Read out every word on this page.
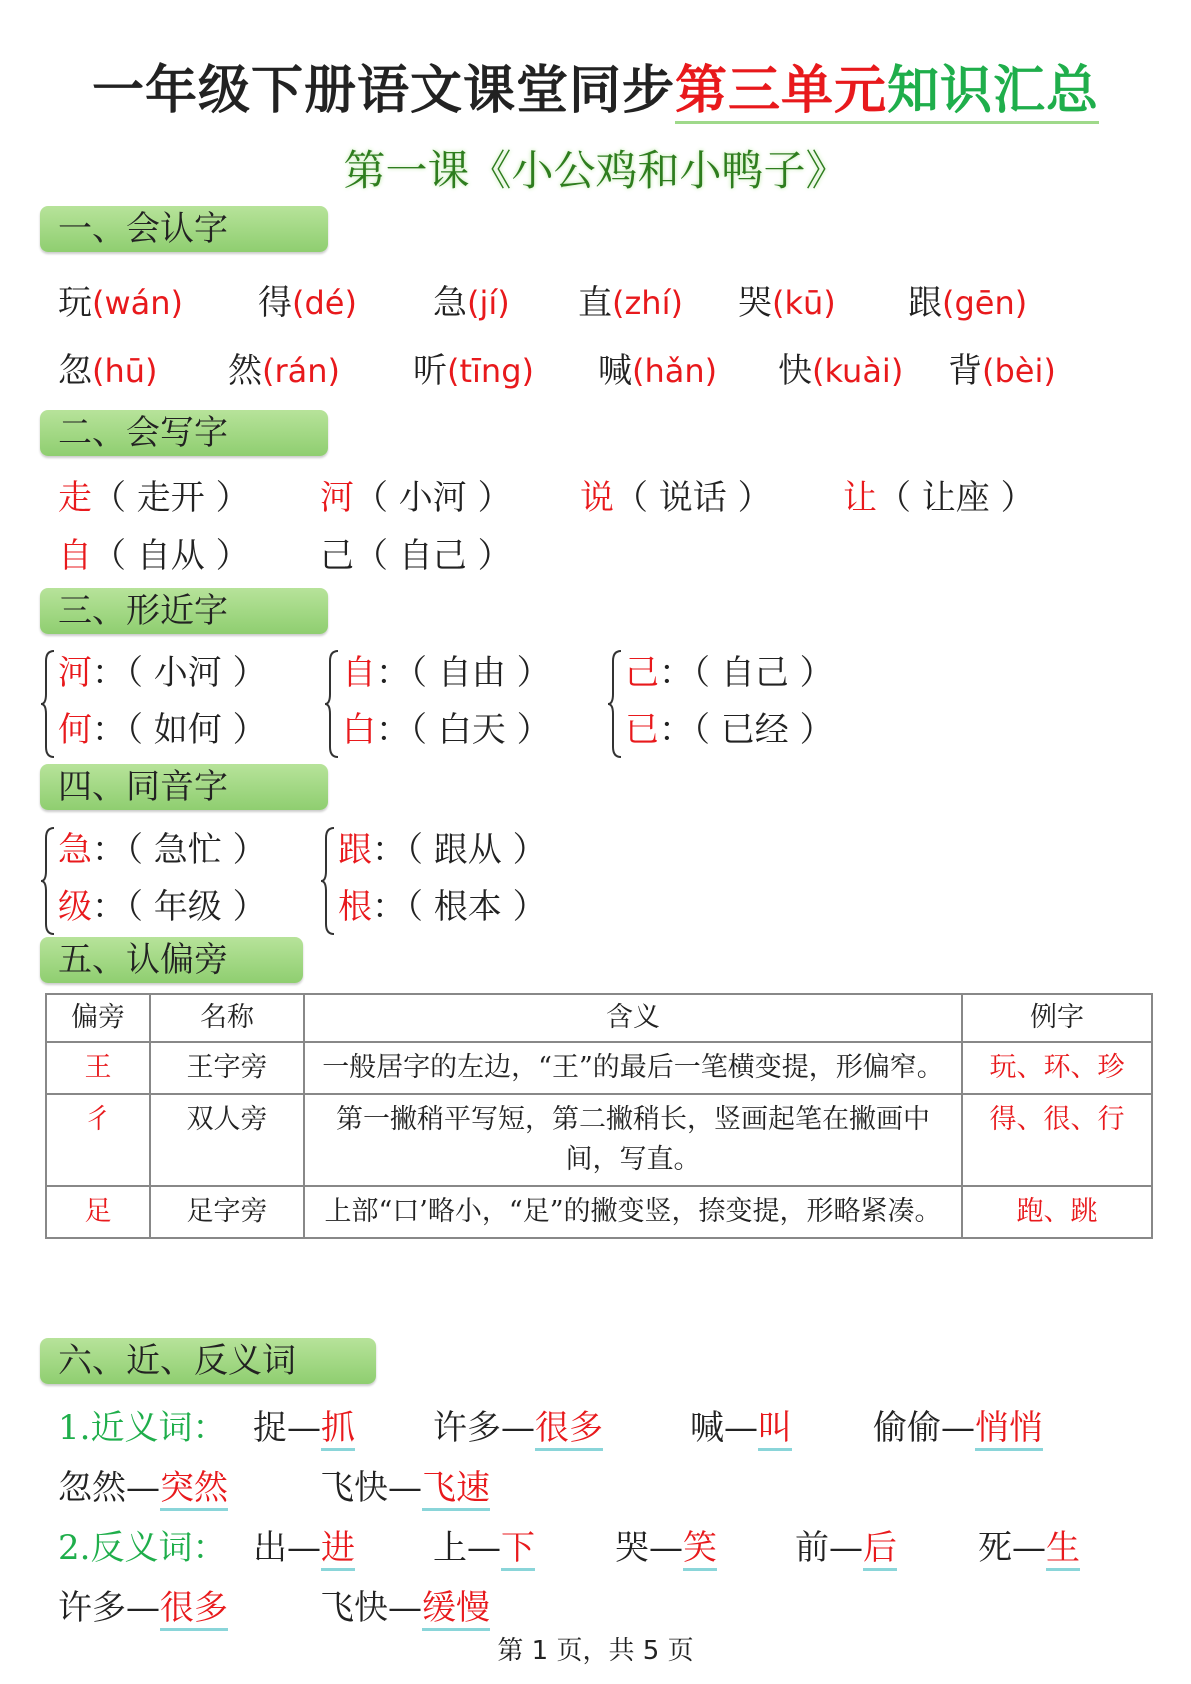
一年级下册语文课堂同步第三单元知识汇总
第一课《小公鸡和小鸭子》
一、会认字
玩(wán) 得(dé) 急(jí) 直(zhí) 哭(kū) 跟(gēn)
忽(hū) 然(rán) 听(tīng) 喊(hǎn) 快(kuài) 背(bèi)
二、会写字
走（ 走开 ） 河（ 小河 ） 说（ 说话 ） 让（ 让座 ）
自（ 自从 ） 己（ 自己 ）
三、形近字
河：（ 小河 ）
何：（ 如何 ）
自：（ 自由 ）
白：（ 白天 ）
己：（ 自己 ）
已：（ 已经 ）
四、同音字
急：（ 急忙 ）
级：（ 年级 ）
跟：（ 跟从 ）
根：（ 根本 ）
五、认偏旁
偏旁	名称	含义	例字
王	王字旁	一般居字的左边，“王”的最后一笔横变提，形偏窄。	玩、环、珍
彳	双人旁	第一撇稍平写短，第二撇稍长，竖画起笔在撇画中间，写直。	得、很、行
足	足字旁	上部“口’略小，“足”的撇变竖，捺变提，形略紧凑。	跑、跳
六、近、反义词
1.近义词： 捉—抓 许多—很多	喊—叫 偷偷—悄悄
忽然—突然	飞快—飞速
2.反义词： 出—进 上—下 哭—笑 前—后 死—生
许多—很多	飞快—缓慢
第 1 页，共 5 页
